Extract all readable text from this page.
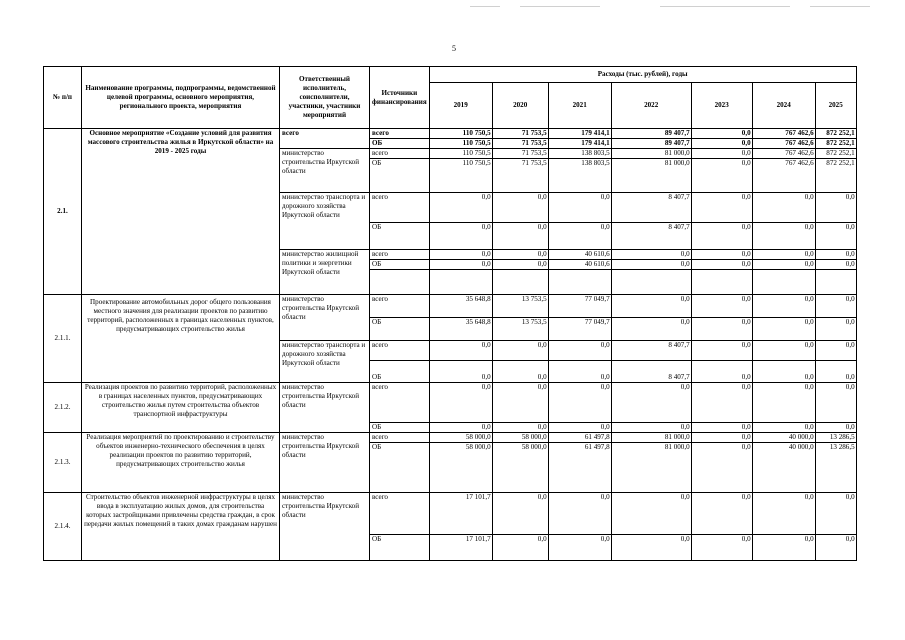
5
№ п/п	Наименование программы, подпрограммы, ведомственной целевой программы, основного мероприятия, регионального проекта, мероприятия	Ответственный исполнитель, соисполнители, участники, участники мероприятий	Источники финансирования	Расходы (тыс. рублей), годы						
				2019	2020	2021	2022	2023	2024	2025
2.1.	Основное мероприятие «Создание условий для развития массового строительства жилья в Иркутской области» на 2019 - 2025 годы	всего	всего	110 750,5	71 753,5	179 414,1	89 407,7	0,0	767 462,6	872 252,1
			ОБ	110 750,5	71 753,5	179 414,1	89 407,7	0,0	767 462,6	872 252,1
		министерство строительства Иркутской области	всего	110 750,5	71 753,5	138 803,5	81 000,0	0,0	767 462,6	872 252,1
			ОБ	110 750,5	71 753,5	138 803,5	81 000,0	0,0	767 462,6	872 252,1
		министерство транспорта и дорожного хозяйства Иркутской области	всего	0,0	0,0	0,0	8 407,7	0,0	0,0	0,0
			ОБ	0,0	0,0	0,0	8 407,7	0,0	0,0	0,0
		министерство жилищной политики и энергетики Иркутской области	всего	0,0	0,0	40 610,6	0,0	0,0	0,0	0,0
			ОБ	0,0	0,0	40 610,6	0,0	0,0	0,0	0,0

2.1.1.	Проектирование автомобильных дорог общего пользования местного значения для реализации проектов по развитию территорий, расположенных в границах населенных пунктов, предусматривающих строительство жилья	министерство строительства Иркутской области	всего	35 648,8	13 753,5	77 049,7	0,0	0,0	0,0	0,0
			ОБ	35 648,8	13 753,5	77 049,7	0,0	0,0	0,0	0,0
		министерство транспорта и дорожного хозяйства Иркутской области	всего	0,0	0,0	0,0	8 407,7	0,0	0,0	0,0
			ОБ	0,0	0,0	0,0	8 407,7	0,0	0,0	0,0
2.1.2.	Реализация проектов по развитию территорий, расположенных в границах населенных пунктов, предусматривающих строительство жилья путем строительства объектов транспортной инфраструктуры	министерство строительства Иркутской области	всего	0,0	0,0	0,0	0,0	0,0	0,0	0,0
			ОБ	0,0	0,0	0,0	0,0	0,0	0,0	0,0
2.1.3.	Реализация мероприятий по проектированию и строительству объектов инженерно-технического обеспечения в целях реализации проектов по развитию территорий, предусматривающих строительство жилья	министерство строительства Иркутской области	всего	58 000,0	58 000,0	61 497,8	81 000,0	0,0	40 000,0	13 286,5
			ОБ	58 000,0	58 000,0	61 497,8	81 000,0	0,0	40 000,0	13 286,5
2.1.4.	Строительство объектов инженерной инфраструктуры в целях ввода в эксплуатацию жилых домов, для строительства которых застройщиками привлечены средства граждан, в срок передачи жилых помещений в таких домах гражданам нарушен	министерство строительства Иркутской области	всего	17 101,7	0,0	0,0	0,0	0,0	0,0	0,0
			ОБ	17 101,7	0,0	0,0	0,0	0,0	0,0	0,0
